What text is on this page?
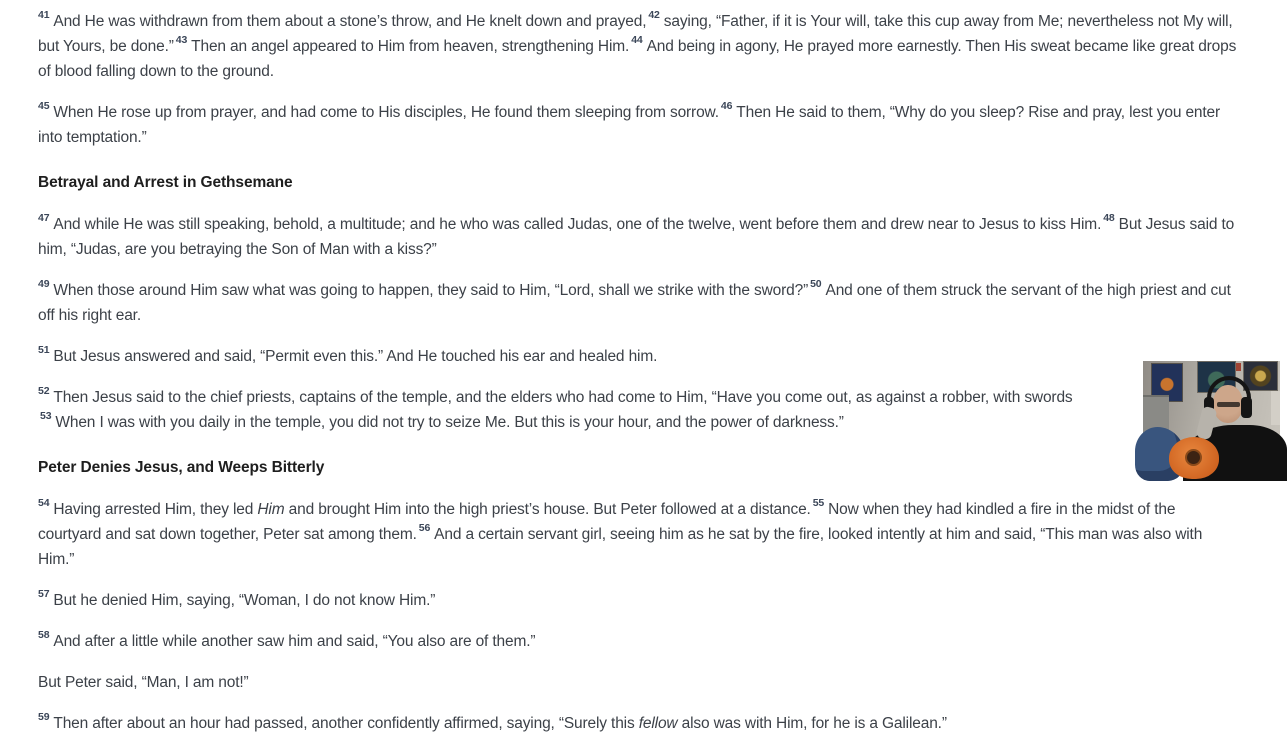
$^{41}$ And He was withdrawn from them about a stone’s throw, and He knelt down and prayed, $^{42}$ saying, “Father, if it is Your will, take this cup away from Me; nevertheless not My will, but Yours, be done.” $^{43}$ Then an angel appeared to Him from heaven, strengthening Him. $^{44}$ And being in agony, He prayed more earnestly. Then His sweat became like great drops of blood falling down to the ground.

$^{45}$ When He rose up from prayer, and had come to His disciples, He found them sleeping from sorrow. $^{46}$ Then He said to them, “Why do you sleep? Rise and pray, lest you enter into temptation.”

Betrayal and Arrest in Gethsemane

$^{47}$ And while He was still speaking, behold, a multitude; and he who was called Judas, one of the twelve, went before them and drew near to Jesus to kiss Him. $^{48}$ But Jesus said to him, “Judas, are you betraying the Son of Man with a kiss?”

$^{49}$ When those around Him saw what was going to happen, they said to Him, “Lord, shall we strike with the sword?” $^{50}$ And one of them struck the servant of the high priest and cut off his right ear.

$^{51}$ But Jesus answered and said, “Permit even this.” And He touched his ear and healed him.

$^{52}$ Then Jesus said to the chief priests, captains of the temple, and the elders who had come to Him, “Have you come out, as against a robber, with swords
$^{53}$ When I was with you daily in the temple, you did not try to seize Me. But this is your hour, and the power of darkness.”

Peter Denies Jesus, and Weeps Bitterly

$^{54}$ Having arrested Him, they led Him and brought Him into the high priest’s house. But Peter followed at a distance. $^{55}$ Now when they had kindled a fire in the midst of the courtyard and sat down together, Peter sat among them. $^{56}$ And a certain servant girl, seeing him as he sat by the fire, looked intently at him and said, “This man was also with Him.”

$^{57}$ But he denied Him, saying, “Woman, I do not know Him.”

$^{58}$ And after a little while another saw him and said, “You also are of them.”

But Peter said, “Man, I am not!”

$^{59}$ Then after about an hour had passed, another confidently affirmed, saying, “Surely this fellow also was with Him, for he is a Galilean.”
